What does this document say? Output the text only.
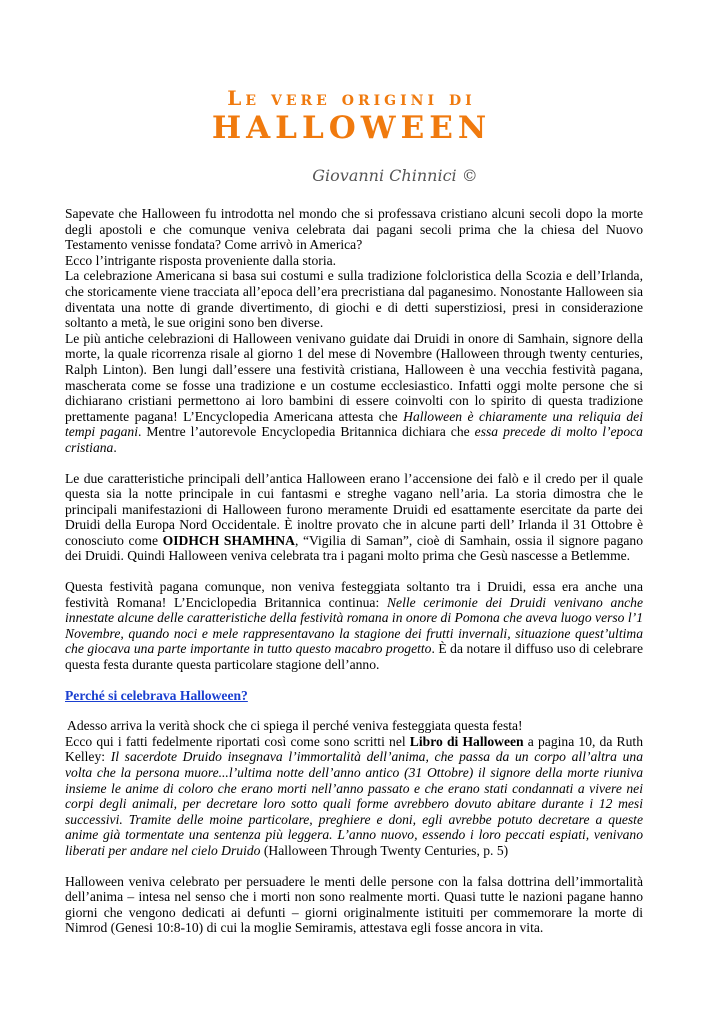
Le vere origini di
HALLOWEEN
Giovanni Chinnici ©

Sapevate che Halloween fu introdotta nel mondo che si professava cristiano alcuni secoli dopo la morte degli apostoli e che comunque veniva celebrata dai pagani secoli prima che la chiesa del Nuovo Testamento venisse fondata? Come arrivò in America?

Ecco l’intrigante risposta proveniente dalla storia.

La celebrazione Americana si basa sui costumi e sulla tradizione folcloristica della Scozia e dell’Irlanda, che storicamente viene tracciata all’epoca dell’era precristiana dal paganesimo. Nonostante Halloween sia diventata una notte di grande divertimento, di giochi e di detti superstiziosi, presi in considerazione soltanto a metà, le sue origini sono ben diverse.

Le più antiche celebrazioni di Halloween venivano guidate dai Druidi in onore di Samhain, signore della morte, la quale ricorrenza risale al giorno 1 del mese di Novembre (Halloween through twenty centuries, Ralph Linton). Ben lungi dall’essere una festività cristiana, Halloween è una vecchia festività pagana, mascherata come se fosse una tradizione e un costume ecclesiastico. Infatti oggi molte persone che si dichiarano cristiani permettono ai loro bambini di essere coinvolti con lo spirito di questa tradizione prettamente pagana! L’Encyclopedia Americana attesta che Halloween è chiaramente una reliquia dei tempi pagani. Mentre l’autorevole Encyclopedia Britannica dichiara che essa precede di molto l’epoca cristiana.

Le due caratteristiche principali dell’antica Halloween erano l’accensione dei falò e il credo per il quale questa sia la notte principale in cui fantasmi e streghe vagano nell’aria. La storia dimostra che le principali manifestazioni di Halloween furono meramente Druidi ed esattamente esercitate da parte dei Druidi della Europa Nord Occidentale. È inoltre provato che in alcune parti dell’ Irlanda il 31 Ottobre è conosciuto come OIDHCH SHAMHNA, “Vigilia di Saman”, cioè di Samhain, ossia il signore pagano dei Druidi. Quindi Halloween veniva celebrata tra i pagani molto prima che Gesù nascesse a Betlemme.

Questa festività pagana comunque, non veniva festeggiata soltanto tra i Druidi, essa era anche una festività Romana! L’Enciclopedia Britannica continua: Nelle cerimonie dei Druidi venivano anche innestate alcune delle caratteristiche della festività romana in onore di Pomona che aveva luogo verso l’1 Novembre, quando noci e mele rappresentavano la stagione dei frutti invernali, situazione quest’ultima che giocava una parte importante in tutto questo macabro progetto. È da notare il diffuso uso di celebrare questa festa durante questa particolare stagione dell’anno.

Perché si celebrava Halloween?

Adesso arriva la verità shock che ci spiega il perché veniva festeggiata questa festa!

Ecco qui i fatti fedelmente riportati così come sono scritti nel Libro di Halloween a pagina 10, da Ruth Kelley: Il sacerdote Druido insegnava l’immortalità dell’anima, che passa da un corpo all’altra una volta che la persona muore...l’ultima notte dell’anno antico (31 Ottobre) il signore della morte riuniva insieme le anime di coloro che erano morti nell’anno passato e che erano stati condannati a vivere nei corpi degli animali, per decretare loro sotto quali forme avrebbero dovuto abitare durante i 12 mesi successivi. Tramite delle moine particolare, preghiere e doni, egli avrebbe potuto decretare a queste anime già tormentate una sentenza più leggera. L’anno nuovo, essendo i loro peccati espiati, venivano liberati per andare nel cielo Druido (Halloween Through Twenty Centuries, p. 5)

Halloween veniva celebrato per persuadere le menti delle persone con la falsa dottrina dell’immortalità dell’anima – intesa nel senso che i morti non sono realmente morti. Quasi tutte le nazioni pagane hanno giorni che vengono dedicati ai defunti – giorni originalmente istituiti per commemorare la morte di Nimrod (Genesi 10:8-10) di cui la moglie Semiramis, attestava egli fosse ancora in vita.
